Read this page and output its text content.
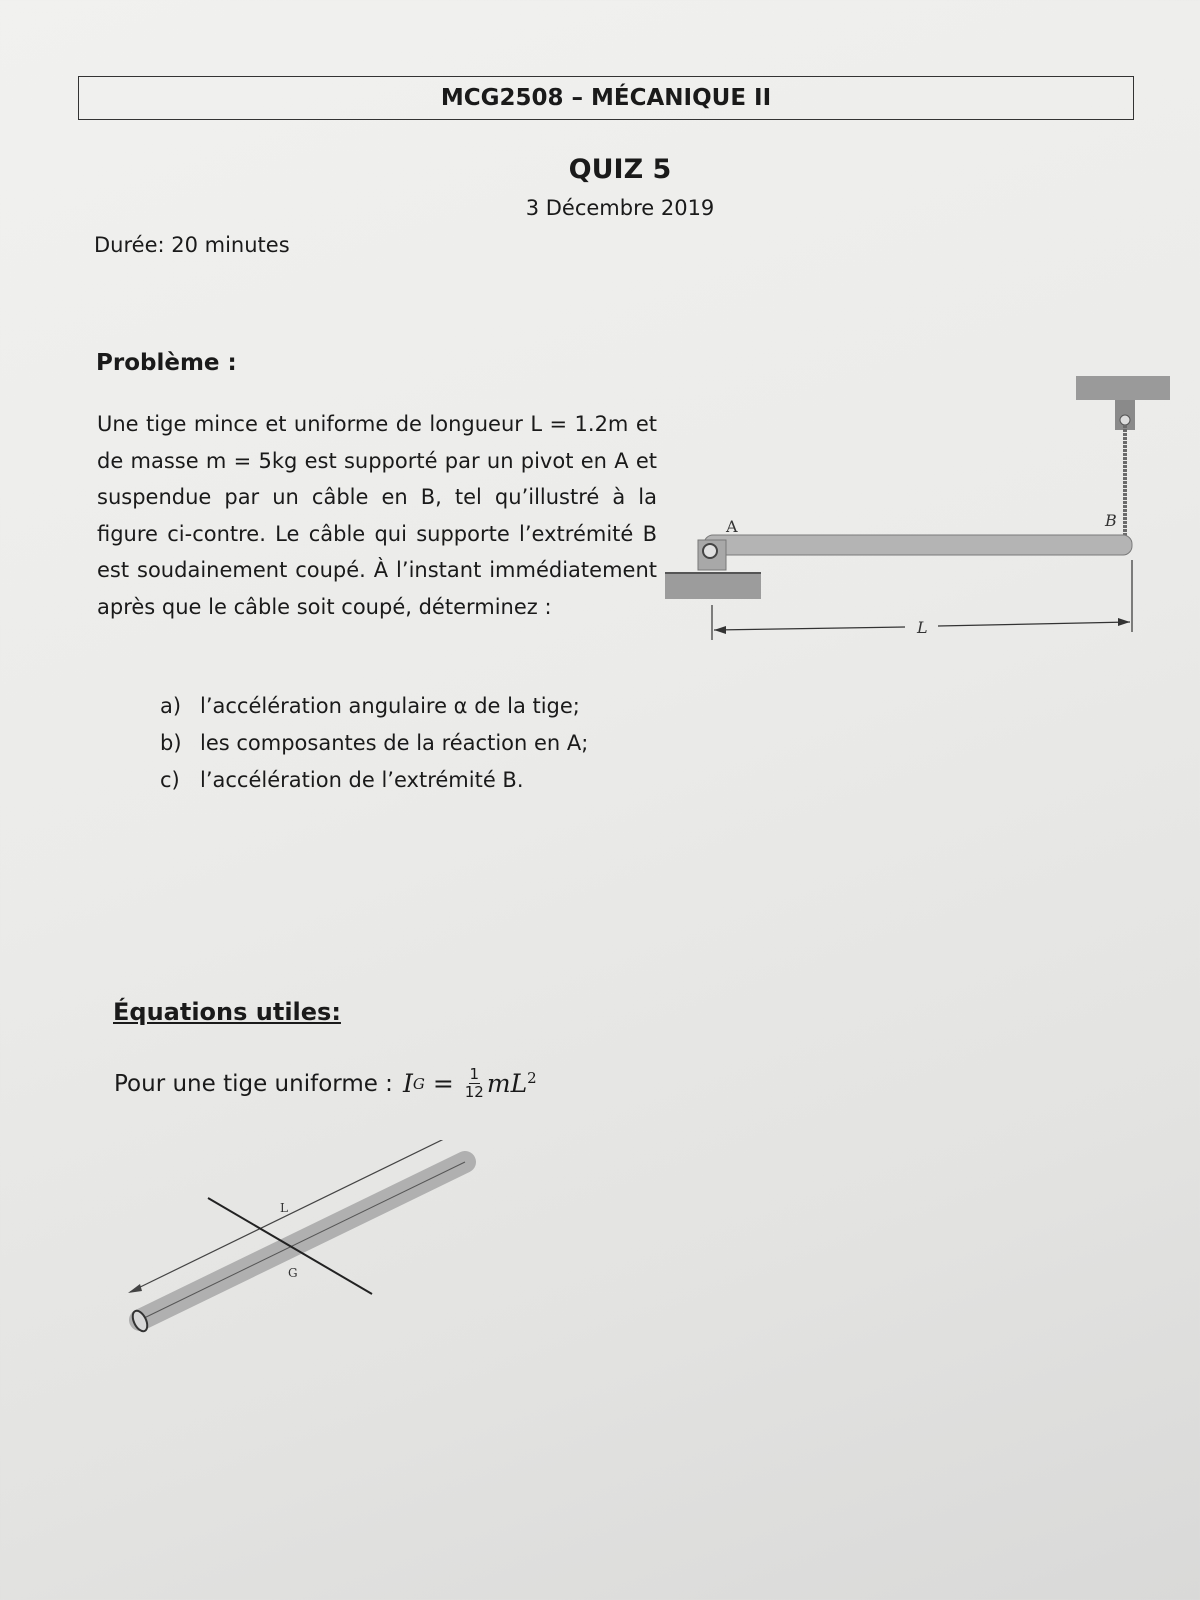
MCG2508 – MÉCANIQUE II
QUIZ 5
3 Décembre 2019
Durée: 20 minutes
Problème :

Une tige mince et uniforme de longueur L = 1.2m et de masse m = 5kg est supporté par un pivot en A et suspendue par un câble en B, tel qu’illustré à la figure ci-contre. Le câble qui supporte l’extrémité B est soudainement coupé. À l’instant immédiatement après que le câble soit coupé, déterminez :

a) l’accélération angulaire α de la tige;
b) les composantes de la réaction en A;
c) l’accélération de l’extrémité B.
A	B
L
Équations utiles:
Pour une tige uniforme : I $G = \frac{1}{12} mL^2$
L
G
